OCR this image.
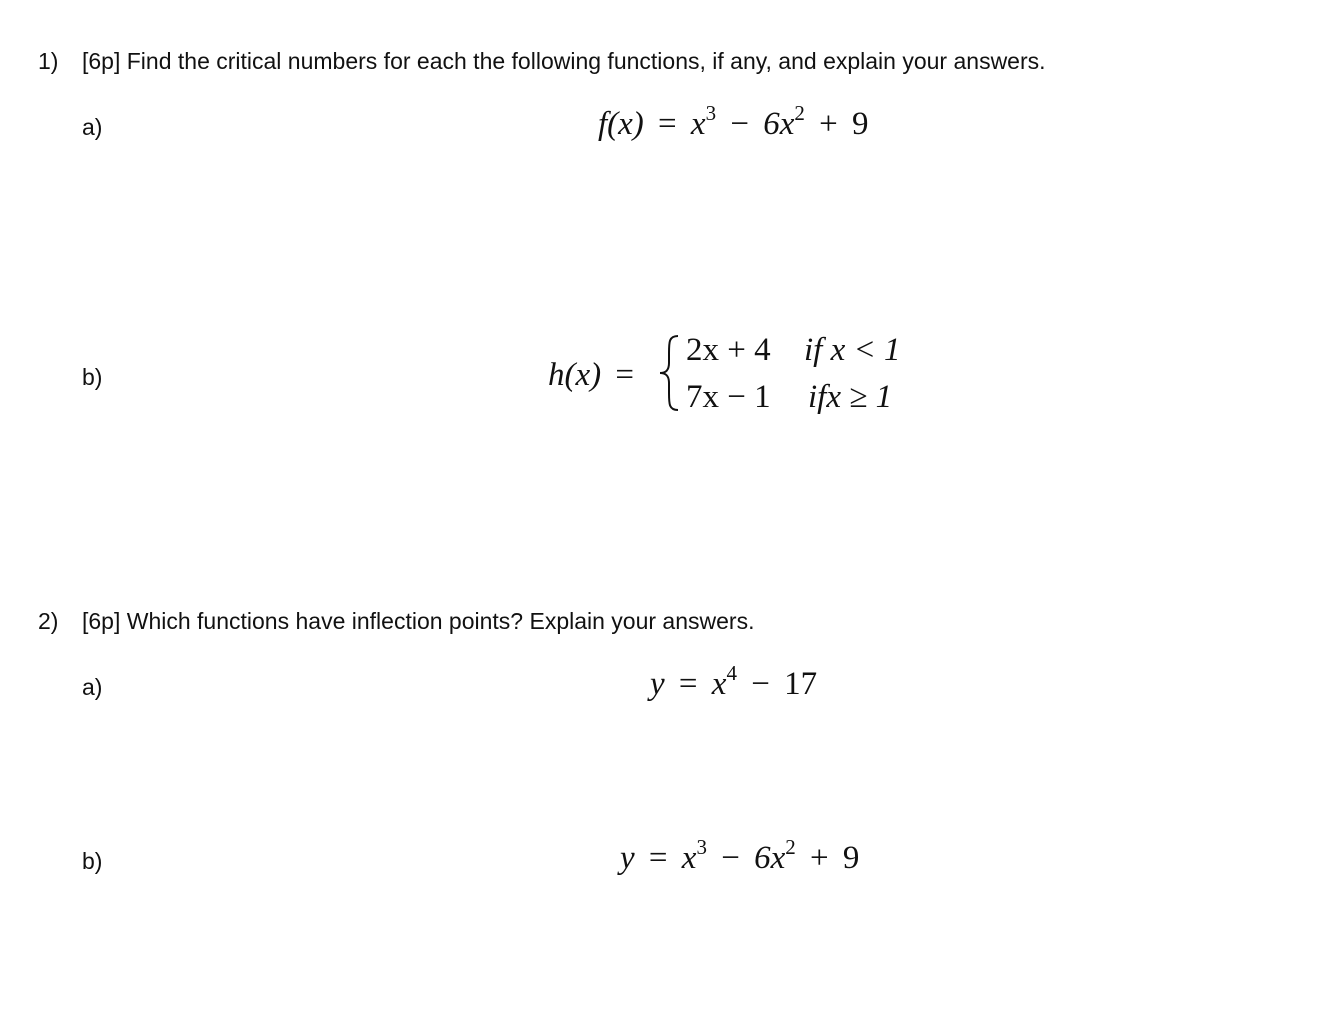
1) [6p] Find the critical numbers for each the following functions, if any, and explain your answers.
a)	$f(x) = x^3 - 6x^2 + 9$
b)	h(x) =
2x + 4 if x < 1
7x − 1 ifx ≥ 1
2) [6p] Which functions have inflection points? Explain your answers.
a)	$y = x^4 - 17$
b)	$y = x^3 - 6x^2 + 9$
